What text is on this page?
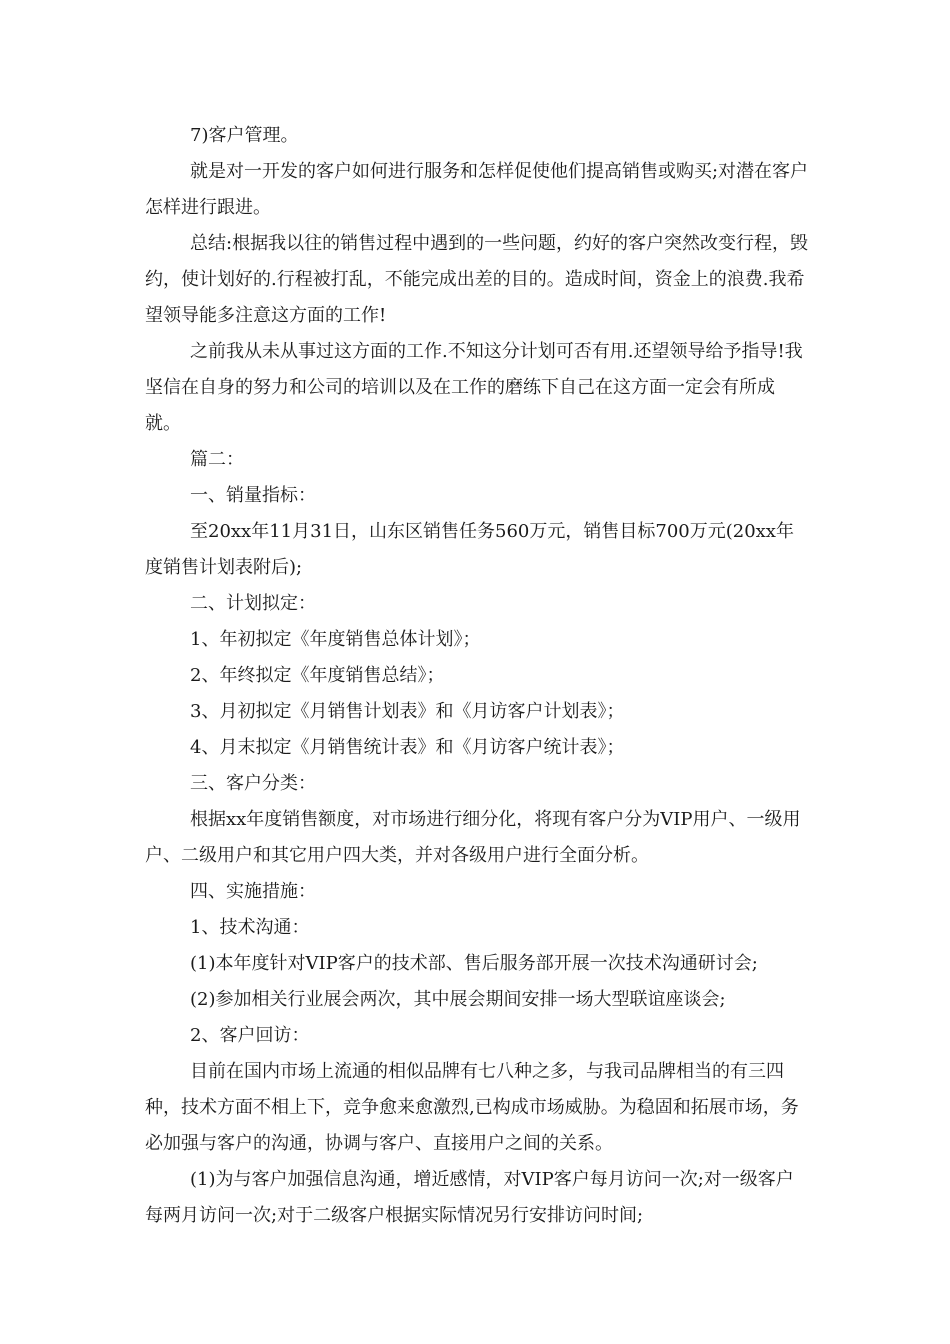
7)客户管理。

就是对一开发的客户如何进行服务和怎样促使他们提高销售或购买;对潜在客户怎样进行跟进。

总结:根据我以往的销售过程中遇到的一些问题，约好的客户突然改变行程，毁约，使计划好的.行程被打乱，不能完成出差的目的。造成时间，资金上的浪费.我希望领导能多注意这方面的工作!

之前我从未从事过这方面的工作.不知这分计划可否有用.还望领导给予指导!我坚信在自身的努力和公司的培训以及在工作的磨练下自己在这方面一定会有所成就。

篇二：

一、销量指标：

至20xx年11月31日，山东区销售任务560万元，销售目标700万元(20xx年度销售计划表附后);

二、计划拟定：

1、年初拟定《年度销售总体计划》；

2、年终拟定《年度销售总结》；

3、月初拟定《月销售计划表》和《月访客户计划表》；

4、月末拟定《月销售统计表》和《月访客户统计表》；

三、客户分类：

根据xx年度销售额度，对市场进行细分化，将现有客户分为VIP用户、一级用户、二级用户和其它用户四大类，并对各级用户进行全面分析。

四、实施措施：

1、技术沟通：

(1)本年度针对VIP客户的技术部、售后服务部开展一次技术沟通研讨会;

(2)参加相关行业展会两次，其中展会期间安排一场大型联谊座谈会;

2、客户回访：

目前在国内市场上流通的相似品牌有七八种之多，与我司品牌相当的有三四种，技术方面不相上下，竞争愈来愈激烈,已构成市场威胁。为稳固和拓展市场，务必加强与客户的沟通，协调与客户、直接用户之间的关系。

(1)为与客户加强信息沟通，增近感情，对VIP客户每月访问一次;对一级客户每两月访问一次;对于二级客户根据实际情况另行安排访问时间;
